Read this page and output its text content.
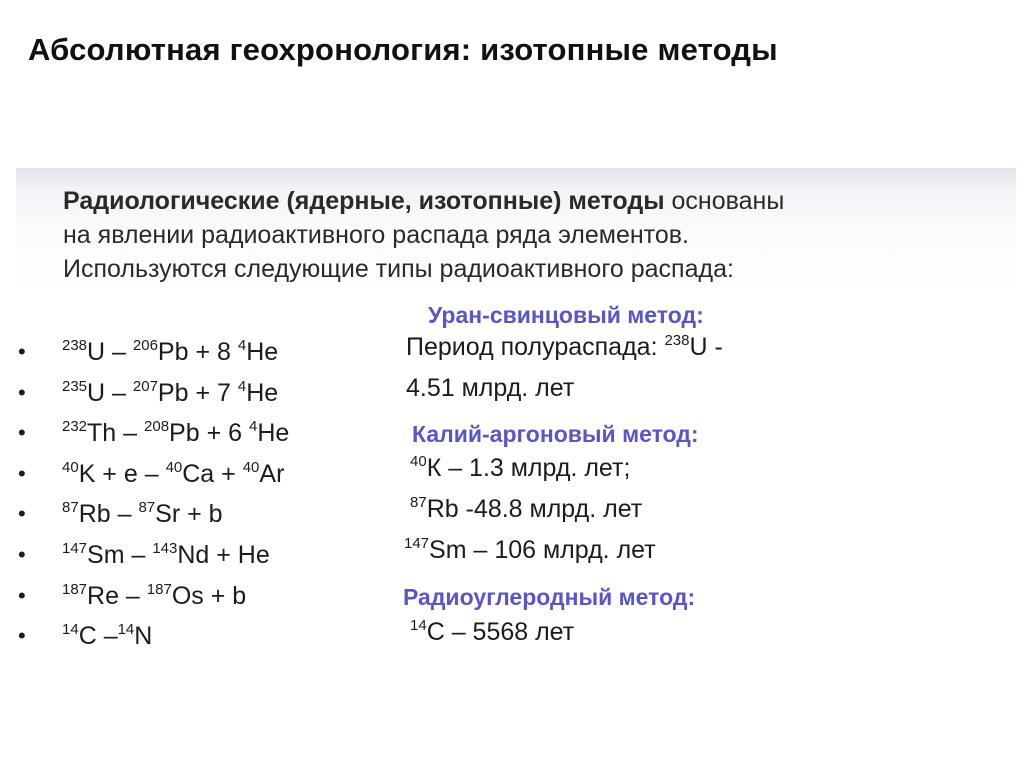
Абсолютная геохронология: изотопные методы
Радиологические (ядерные, изотопные) методы основаны
на явлении радиоактивного распада ряда элементов.
Используются следующие типы радиоактивного распада:
• $^{238}$U – $^{206}$Pb + 8 $^4$He
• $^{235}$U – $^{207}$Pb + 7 $^4$He
• $^{232}$Th – $^{208}$Pb + 6 $^4$He
• $^{40}$K + e – $^{40}$Ca + $^{40}$Ar
• $^{87}$Rb – $^{87}$Sr + b
• $^{147}$Sm – $^{143}$Nd + He
• $^{187}$Re – $^{187}$Os + b
• $^{14}$C –$^{14}$N
Уран-свинцовый метод:
Период полураспада: $^{238}$U -
4.51 млрд. лет
Калий-аргоновый метод:
$^{40}$К – 1.3 млрд. лет;
$^{87}$Rb -48.8 млрд. лет
$^{147}$Sm – 106 млрд. лет
Радиоуглеродный метод:
$^{14}$C – 5568 лет
